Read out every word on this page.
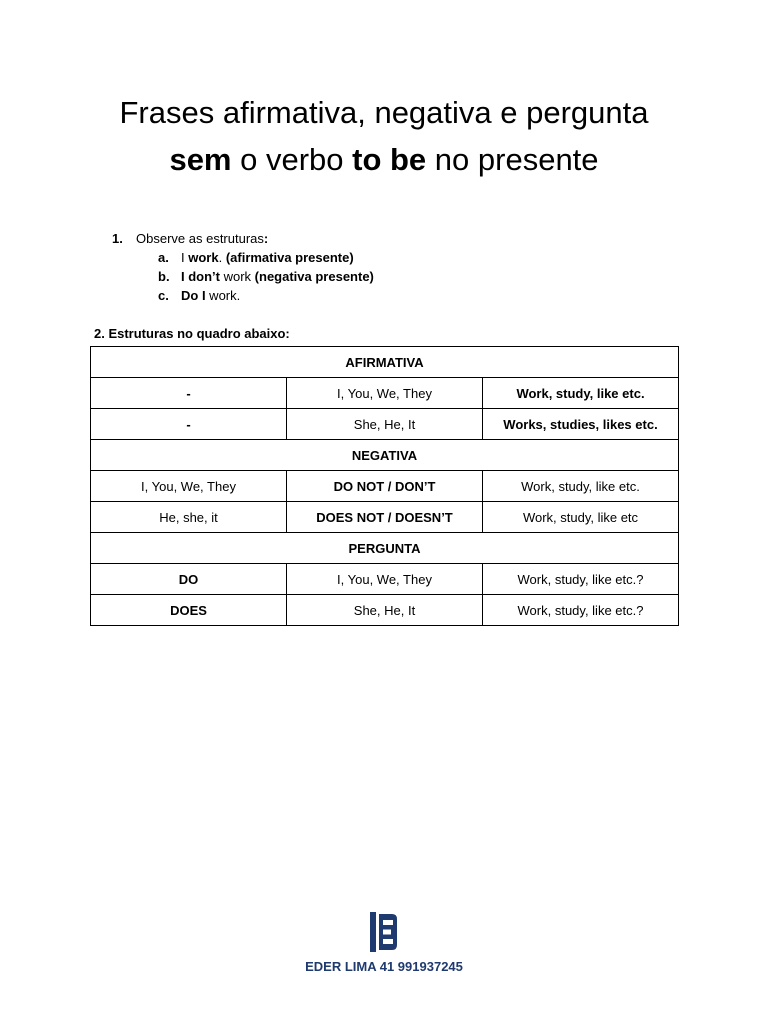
Frases afirmativa, negativa e pergunta
sem o verbo to be no presente
1.	Observe as estruturas:
a. I work. (afirmativa presente)
b. I don’t work (negativa presente)
c. Do I work.
2. Estruturas no quadro abaixo:
AFIRMATIVA		
-	I, You, We, They	Work, study, like etc.
-	She, He, It	Works, studies, likes etc.
NEGATIVA		
I, You, We, They	DO NOT / DON’T	Work, study, like etc.
He, she, it	DOES NOT / DOESN’T	Work, study, like etc
PERGUNTA		
DO	I, You, We, They	Work, study, like etc.?
DOES	She, He, It	Work, study, like etc.?
EDER LIMA 41 991937245
